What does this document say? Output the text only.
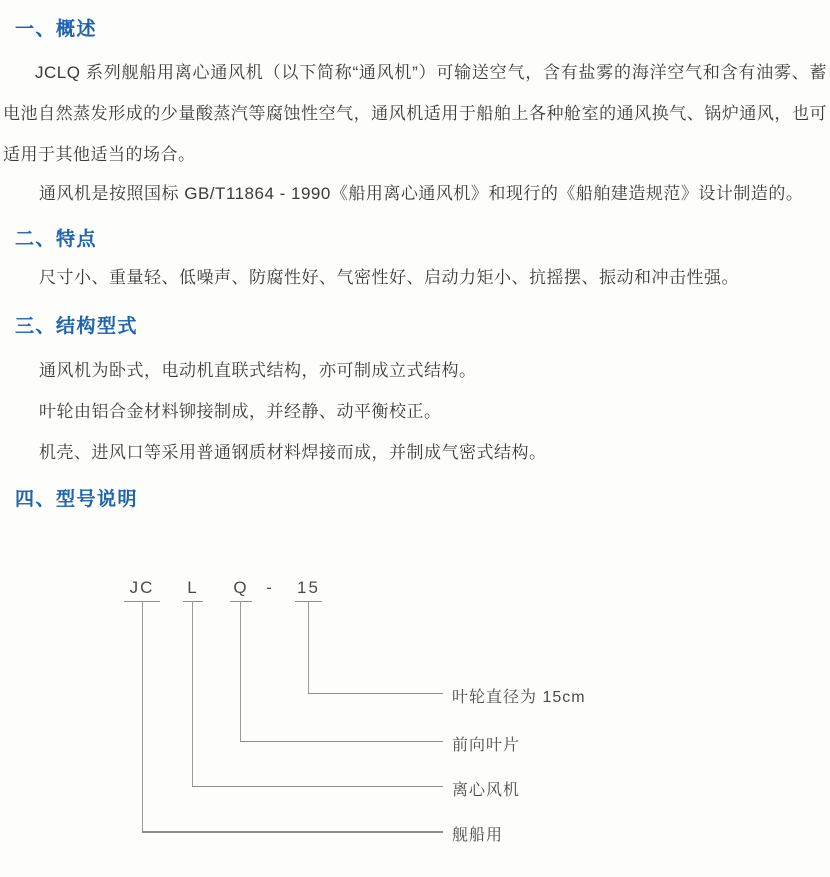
一、概述
JCLQ 系列舰船用离心通风机（以下简称“通风机”）可输送空气，含有盐雾的海洋空气和含有油雾、蓄电池自然蒸发形成的少量酸蒸汽等腐蚀性空气，通风机适用于船舶上各种舱室的通风换气、锅炉通风，也可适用于其他适当的场合。
通风机是按照国标 GB/T11864 - 1990《船用离心通风机》和现行的《船舶建造规范》设计制造的。
二、特点
尺寸小、重量轻、低噪声、防腐性好、气密性好、启动力矩小、抗摇摆、振动和冲击性强。
三、结构型式
通风机为卧式，电动机直联式结构，亦可制成立式结构。
叶轮由铝合金材料铆接制成，并经静、动平衡校正。
机壳、进风口等采用普通钢质材料焊接而成，并制成气密式结构。
四、型号说明
JC	L Q - 15
叶轮直径为 15cm
前向叶片
离心风机
舰船用
